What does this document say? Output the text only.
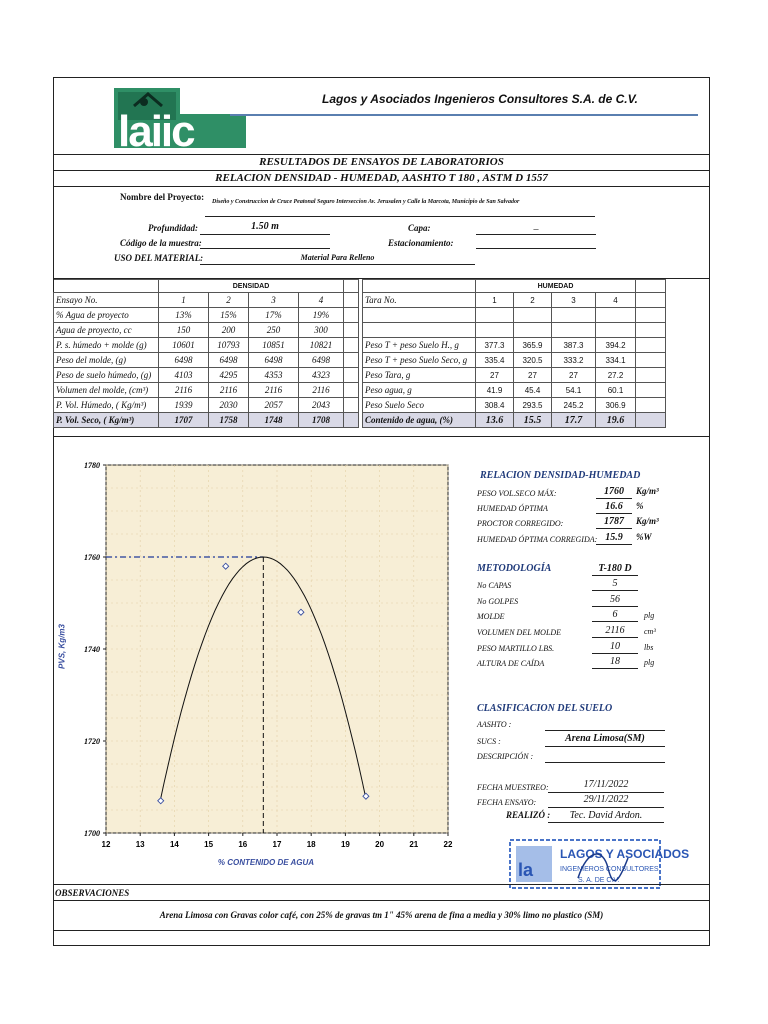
laiic
Lagos y Asociados Ingenieros Consultores S.A. de C.V.
RESULTADOS DE ENSAYOS DE LABORATORIOS
RELACION DENSIDAD - HUMEDAD, AASHTO T 180 , ASTM D 1557
Nombre del Proyecto: Diseño y Construccion de Cruce Peatonal Seguro Interseccion Av. Jerusalen y Calle la Marcota, Municipio de San Salvador
Profundidad:	1.50 m	Capa:	_
Código de la muestra:	Estacionamiento:
USO DEL MATERIAL:	Material Para Relleno
	DENSIDAD				
Ensayo No.	1	2	3	4	
% Agua de proyecto	13%	15%	17%	19%	
Agua de proyecto, cc	150	200	250	300	
P. s. húmedo + molde (g)	10601	10793	10851	10821	
Peso del molde, (g)	6498	6498	6498	6498	
Peso de suelo húmedo, (g)	4103	4295	4353	4323	
Volumen del molde, (cm³)	2116	2116	2116	2116	
P. Vol. Húmedo, ( Kg/m³)	1939	2030	2057	2043	
P. Vol. Seco, ( Kg/m³)	1707	1758	1748	1708	
	HUMEDAD				
Tara No.	1	2	3	4	

Peso T + peso Suelo H., g	377.3	365.9	387.3	394.2	
Peso T + peso Suelo Seco, g	335.4	320.5	333.2	334.1	
Peso Tara, g	27	27	27	27.2	
Peso agua, g	41.9	45.4	54.1	60.1	
Peso Suelo Seco	308.4	293.5	245.2	306.9	
Contenido de agua, (%)	13.6	15.5	17.7	19.6	
PVS, Kg/m3
12	13	14	15	16	17	18	19	20	21	22
1700
1720
1740
1760
1780
% CONTENIDO DE AGUA
RELACION DENSIDAD-HUMEDAD
PESO VOL.SECO MÁX:	1760	Kg/m³
HUMEDAD ÓPTIMA	16.6	%
PROCTOR CORREGIDO:	1787	Kg/m³
HUMEDAD ÓPTIMA CORREGIDA: 15.9	%W
METODOLOGÍA	T-180 D
No CAPAS	5
No GOLPES	56
MOLDE	6	plg
VOLUMEN DEL MOLDE	2116	cm³
PESO MARTILLO LBS.	10	lbs
ALTURA DE CAÍDA	18	plg
CLASIFICACION DEL SUELO
AASHTO :
SUCS :	Arena Limosa(SM)
DESCRIPCIÓN :
FECHA MUESTREO:	17/11/2022
FECHA ENSAYO:	29/11/2022
REALIZÓ :	Tec. David Ardon.
la
LAGOS Y ASOCIADOS
INGENIEROS CONSULTORES
S. A. DE C.V.
OBSERVACIONES
Arena Limosa con Gravas color café, con 25% de gravas tm 1" 45% arena de fina a media y 30% limo no plastico (SM)
